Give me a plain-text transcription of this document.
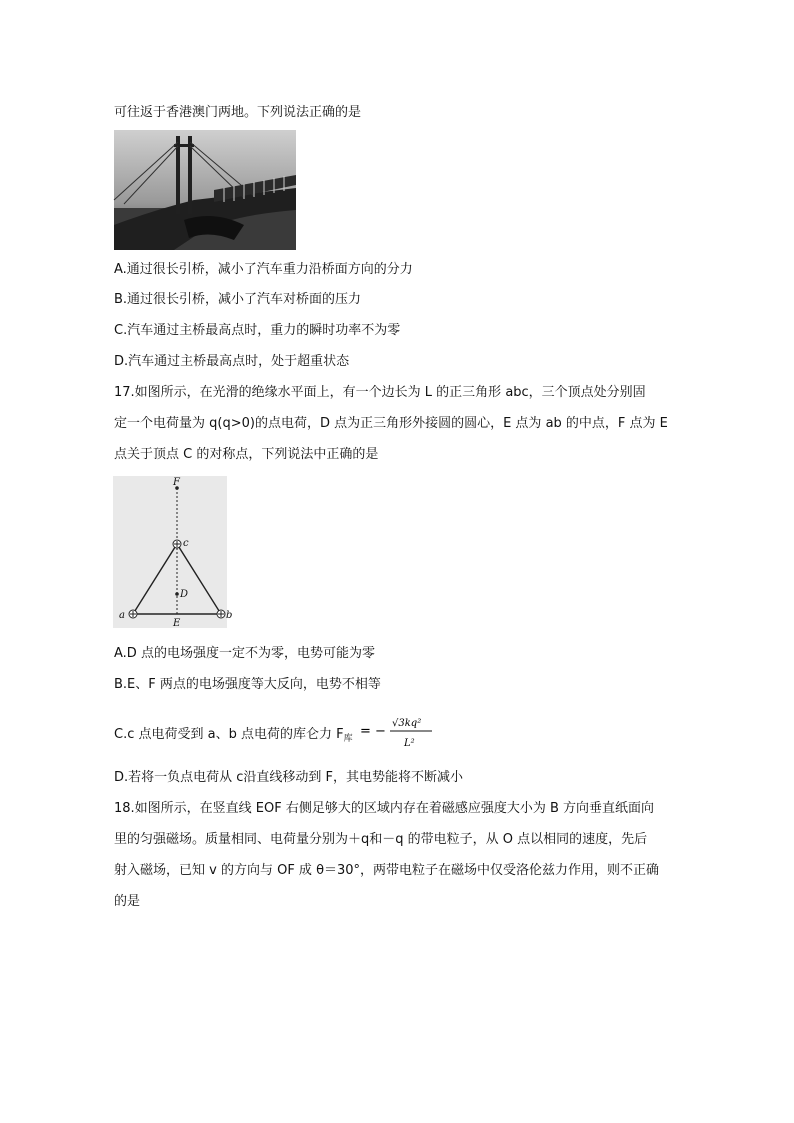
可往返于香港澳门两地。下列说法正确的是
A.通过很长引桥，减小了汽车重力沿桥面方向的分力
B.通过很长引桥，减小了汽车对桥面的压力
C.汽车通过主桥最高点时，重力的瞬时功率不为零
D.汽车通过主桥最高点时，处于超重状态
17.如图所示，在光滑的绝缘水平面上，有一个边长为 L 的正三角形 abc，三个顶点处分别固
定一个电荷量为 q(q>0)的点电荷，D 点为正三角形外接圆的圆心，E 点为 ab 的中点，F 点为 E
点关于顶点 C 的对称点，下列说法中正确的是
F
c
D
a	b
E
A.D 点的电场强度一定不为零，电势可能为零
B.E、F 两点的电场强度等大反向，电势不相等
C.c 点电荷受到 a、b 点电荷的库仑力 $F_库$ = −
√3kq²
L²
D.若将一负点电荷从 c沿直线移动到 F，其电势能将不断减小
18.如图所示，在竖直线 EOF 右侧足够大的区域内存在着磁感应强度大小为 B 方向垂直纸面向
里的匀强磁场。质量相同、电荷量分别为＋q和－q 的带电粒子，从 O 点以相同的速度，先后
射入磁场，已知 v 的方向与 OF 成 θ＝30°，两带电粒子在磁场中仅受洛伦兹力作用，则不正确
的是
